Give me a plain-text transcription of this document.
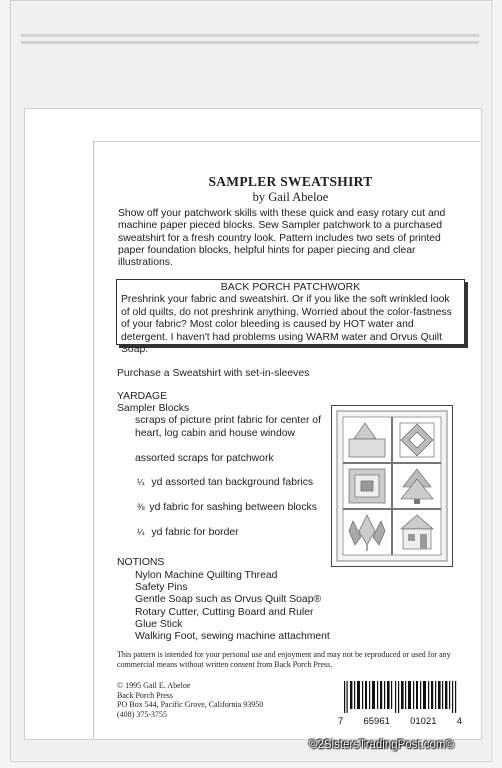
SAMPLER SWEATSHIRT
by Gail Abeloe
Show off your patchwork skills with these quick and easy rotary cut and machine paper pieced blocks. Sew Sampler patchwork to a purchased sweatshirt for a fresh country look. Pattern includes two sets of printed paper foundation blocks, helpful hints for paper piecing and clear illustrations.
BACK PORCH PATCHWORK
Preshrink your fabric and sweatshirt. Or if you like the soft wrinkled look of old quilts, do not preshrink anything. Worried about the color-fastness of your fabric? Most color bleeding is caused by HOT water and detergent. I haven't had problems using WARM water and Orvus Quilt Soap.
Purchase a Sweatshirt with set-in-sleeves
YARDAGE
Sampler Blocks
scraps of picture print fabric for center of
heart, log cabin and house window
assorted scraps for patchwork
¼ yd assorted tan background fabrics
⅜ yd fabric for sashing between blocks
¼ yd fabric for border
NOTIONS
Nylon Machine Quilting Thread
Safety Pins
Gentle Soap such as Orvus Quilt Soap®
Rotary Cutter, Cutting Board and Ruler
Glue Stick
Walking Foot, sewing machine attachment
This pattern is intended for your personal use and enjoyment and may not be reproduced or used for any commercial means without written consent from Back Porch Press.
© 1995 Gail E. Abeloe
Back Porch Press
PO Box 544, Pacific Grove, California 93950
(408) 375-3755
7 65961 01021 4
©2SistersTradingPost.com©
